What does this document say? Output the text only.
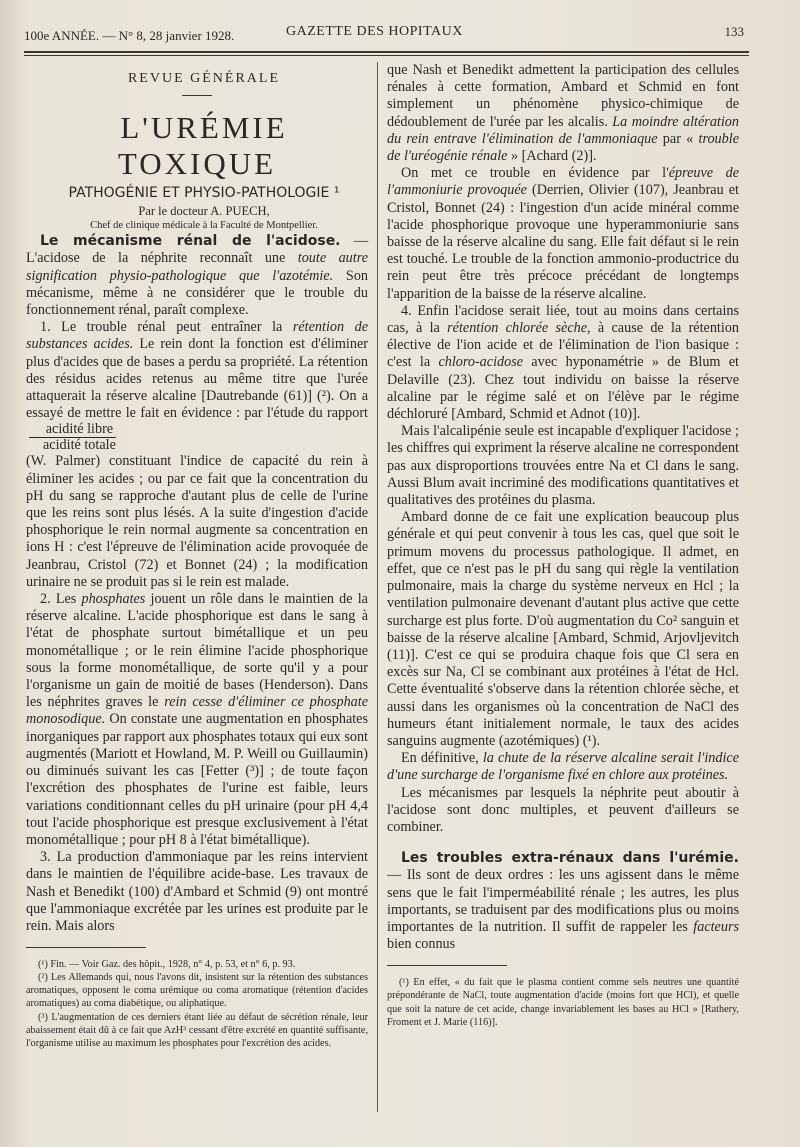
100e ANNÉE. — N° 8, 28 janvier 1928.	GAZETTE DES HOPITAUX	133

REVUE GÉNÉRALE

L'URÉMIE TOXIQUE

PATHOGÉNIE ET PHYSIO-PATHOLOGIE ¹

Par le docteur A. PUECH,

Chef de clinique médicale à la Faculté de Montpellier.

Le mécanisme rénal de l'acidose. — L'acidose de la néphrite reconnaît une toute autre signification physio-pathologique que l'azotémie. Son mécanisme, même à ne considérer que le trouble du fonctionnement rénal, paraît complexe.

1. Le trouble rénal peut entraîner la rétention de substances acides. Le rein dont la fonction est d'éliminer plus d'acides que de bases a perdu sa propriété. La rétention des résidus acides retenus au même titre que l'urée attaquerait la réserve alcaline [Dautrebande (61)] (²). On a essayé de mettre le fait en évidence : par l'étude du rapport
$\frac{\text{acidité libre}}{\text{acidité totale}}$

(W. Palmer) constituant l'indice de capacité du rein à éliminer les acides ; ou par ce fait que la concentration du pH du sang se rapproche d'autant plus de celle de l'urine que les reins sont plus lésés. A la suite d'ingestion d'acide phosphorique le rein normal augmente sa concentration en ions H : c'est l'épreuve de l'élimination acide provoquée de Jeanbrau, Cristol (72) et Bonnet (24) ; la modification urinaire ne se produit pas si le rein est malade.

2. Les phosphates jouent un rôle dans le maintien de la réserve alcaline. L'acide phosphorique est dans le sang à l'état de phosphate surtout bimétallique et un peu monométallique ; or le rein élimine l'acide phosphorique sous la forme monométallique, de sorte qu'il y a pour l'organisme un gain de moitié de bases (Henderson). Dans les néphrites graves le rein cesse d'éliminer ce phosphate monosodique. On constate une augmentation en phosphates inorganiques par rapport aux phosphates totaux qui eux sont augmentés (Mariott et Howland, M. P. Weill ou Guillaumin) ou diminués suivant les cas [Fetter (³)] ; de toute façon l'excrétion des phosphates de l'urine est faible, leurs variations conditionnant celles du pH urinaire (pour pH 4,4 tout l'acide phosphorique est presque exclusivement à l'état monométallique ; pour pH 8 à l'état bimétallique).

3. La production d'ammoniaque par les reins intervient dans le maintien de l'équilibre acide-base. Les travaux de Nash et Benedikt (100) d'Ambard et Schmid (9) ont montré que l'ammoniaque excrétée par les urines est produite par le rein. Mais alors

(¹) Fin. — Voir Gaz. des hôpit., 1928, n° 4, p. 53, et n° 6, p. 93.

(²) Les Allemands qui, nous l'avons dit, insistent sur la rétention des substances aromatiques, opposent le coma urémique ou coma aromatique (rétention d'acides aromatiques) au coma diabétique, ou aliphatique.

(³) L'augmentation de ces derniers étant liée au défaut de sécrétion rénale, leur abaissement était dû à ce fait que AzH³ cessant d'être excrété en quantité suffisante, l'organisme utilise au maximum les phosphates pour l'excrétion des acides.

que Nash et Benedikt admettent la participation des cellules rénales à cette formation, Ambard et Schmid en font simplement un phénomène physico-chimique de dédoublement de l'urée par les alcalis. La moindre altération du rein entrave l'élimination de l'ammoniaque par « trouble de l'uréogénie rénale » [Achard (2)].

On met ce trouble en évidence par l'épreuve de l'ammoniurie provoquée (Derrien, Olivier (107), Jeanbrau et Cristol, Bonnet (24) : l'ingestion d'un acide minéral comme l'acide phosphorique provoque une hyperammoniurie sans baisse de la réserve alcaline du sang. Elle fait défaut si le rein est touché. Le trouble de la fonction ammonio-productrice du rein peut être très précoce précédant de longtemps l'apparition de la baisse de la réserve alcaline.

4. Enfin l'acidose serait liée, tout au moins dans certains cas, à la rétention chlorée sèche, à cause de la rétention élective de l'ion acide et de l'élimination de l'ion basique : c'est la chloro-acidose avec hyponamétrie » de Blum et Delaville (23). Chez tout individu on baisse la réserve alcaline par le régime salé et on l'élève par le régime déchloruré [Ambard, Schmid et Adnot (10)].

Mais l'alcalipénie seule est incapable d'expliquer l'acidose ; les chiffres qui expriment la réserve alcaline ne correspondent pas aux disproportions trouvées entre Na et Cl dans le sang. Aussi Blum avait incriminé des modifications quantitatives et qualitatives des protéines du plasma.

Ambard donne de ce fait une explication beaucoup plus générale et qui peut convenir à tous les cas, quel que soit le primum movens du processus pathologique. Il admet, en effet, que ce n'est pas le pH du sang qui règle la ventilation pulmonaire, mais la charge du système nerveux en Hcl ; la ventilation pulmonaire devenant d'autant plus active que cette surcharge est plus forte. D'où augmentation du Co² sanguin et baisse de la réserve alcaline [Ambard, Schmid, Arjovljevitch (11)]. C'est ce qui se produira chaque fois que Cl sera en excès sur Na, Cl se combinant aux protéines à l'état de Hcl. Cette éventualité s'observe dans la rétention chlorée sèche, et aussi dans les organismes où la concentration de NaCl des humeurs étant initialement normale, le taux des acides sanguins augmente (azotémiques) (¹).

En définitive, la chute de la réserve alcaline serait l'indice d'une surcharge de l'organisme fixé en chlore aux protéines.

Les mécanismes par lesquels la néphrite peut aboutir à l'acidose sont donc multiples, et peuvent d'ailleurs se combiner.

Les troubles extra-rénaux dans l'urémie. — Ils sont de deux ordres : les uns agissent dans le même sens que le fait l'imperméabilité rénale ; les autres, les plus importants, se traduisent par des modifications plus ou moins importantes de la nutrition. Il suffit de rappeler les facteurs bien connus

(¹) En effet, « du fait que le plasma contient comme sels neutres une quantité prépondérante de NaCl, toute augmentation d'acide (moins fort que HCl), et quelle que soit la nature de cet acide, change invariablement les bases au HCl » [Rathery, Froment et J. Marie (116)].
